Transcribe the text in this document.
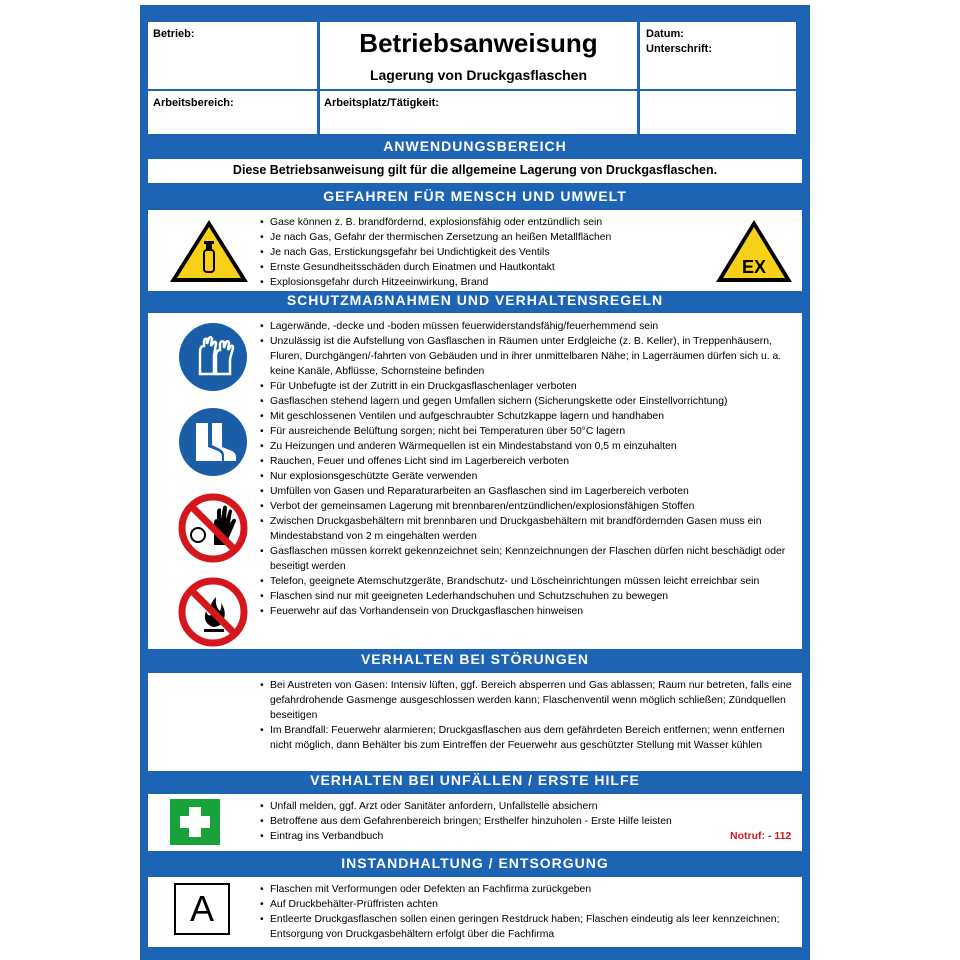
Betrieb:	Betriebsanweisung
Lagerung von Druckgasflaschen
Datum:
Unterschrift:
Arbeitsbereich:	Arbeitsplatz/Tätigkeit:
ANWENDUNGSBEREICH
Diese Betriebsanweisung gilt für die allgemeine Lagerung von Druckgasflaschen.
GEFAHREN FÜR MENSCH UND UMWELT
• Gase können z. B. brandfördernd, explosionsfähig oder entzündlich sein
• Je nach Gas, Gefahr der thermischen Zersetzung an heißen Metallflächen
• Je nach Gas, Erstickungsgefahr bei Undichtigkeit des Ventils
• Ernste Gesundheitsschäden durch Einatmen und Hautkontakt
• Explosionsgefahr durch Hitzeeinwirkung, Brand
EX
SCHUTZMAẞNAHMEN UND VERHALTENSREGELN
• Lagerwände, -decke und -boden müssen feuerwiderstandsfähig/feuerhemmend sein
• Unzulässig ist die Aufstellung von Gasflaschen in Räumen unter Erdgleiche (z. B. Keller), in Treppenhäusern, Fluren, Durchgängen/-fahrten von Gebäuden und in ihrer unmittelbaren Nähe; in Lagerräumen dürfen sich u. a. keine Kanäle, Abflüsse, Schornsteine befinden
• Für Unbefugte ist der Zutritt in ein Druckgasflaschenlager verboten
• Gasflaschen stehend lagern und gegen Umfallen sichern (Sicherungskette oder Einstellvorrichtung)
• Mit geschlossenen Ventilen und aufgeschraubter Schutzkappe lagern und handhaben
• Für ausreichende Belüftung sorgen; nicht bei Temperaturen über 50°C lagern
• Zu Heizungen und anderen Wärmequellen ist ein Mindestabstand von 0,5 m einzuhalten
• Rauchen, Feuer und offenes Licht sind im Lagerbereich verboten
• Nur explosionsgeschützte Geräte verwenden
• Umfüllen von Gasen und Reparaturarbeiten an Gasflaschen sind im Lagerbereich verboten
• Verbot der gemeinsamen Lagerung mit brennbaren/entzündlichen/explosionsfähigen Stoffen
• Zwischen Druckgasbehältern mit brennbaren und Druckgasbehältern mit brandfördernden Gasen muss ein Mindestabstand von 2 m eingehalten werden
• Gasflaschen müssen korrekt gekennzeichnet sein; Kennzeichnungen der Flaschen dürfen nicht beschädigt oder beseitigt werden
• Telefon, geeignete Atemschutzgeräte, Brandschutz- und Löscheinrichtungen müssen leicht erreichbar sein
• Flaschen sind nur mit geeigneten Lederhandschuhen und Schutzschuhen zu bewegen
• Feuerwehr auf das Vorhandensein von Druckgasflaschen hinweisen
VERHALTEN BEI STÖRUNGEN
• Bei Austreten von Gasen: Intensiv lüften, ggf. Bereich absperren und Gas ablassen; Raum nur betreten, falls eine gefahrdrohende Gasmenge ausgeschlossen werden kann; Flaschenventil wenn möglich schließen; Zündquellen beseitigen
• Im Brandfall: Feuerwehr alarmieren; Druckgasflaschen aus dem gefährdeten Bereich entfernen; wenn entfernen nicht möglich, dann Behälter bis zum Eintreffen der Feuerwehr aus geschützter Stellung mit Wasser kühlen
VERHALTEN BEI UNFÄLLEN / ERSTE HILFE
• Unfall melden, ggf. Arzt oder Sanitäter anfordern, Unfallstelle absichern
• Betroffene aus dem Gefahrenbereich bringen; Ersthelfer hinzuholen - Erste Hilfe leisten
• Eintrag ins Verbandbuch	Notruf: - 112
INSTANDHALTUNG / ENTSORGUNG
A
•	Flaschen mit Verformungen oder Defekten an Fachfirma zurückgeben
• Auf Druckbehälter-Prüffristen achten
• Entleerte Druckgasflaschen sollen einen geringen Restdruck haben; Flaschen eindeutig als leer kennzeichnen; Entsorgung von Druckgasbehältern erfolgt über die Fachfirma
